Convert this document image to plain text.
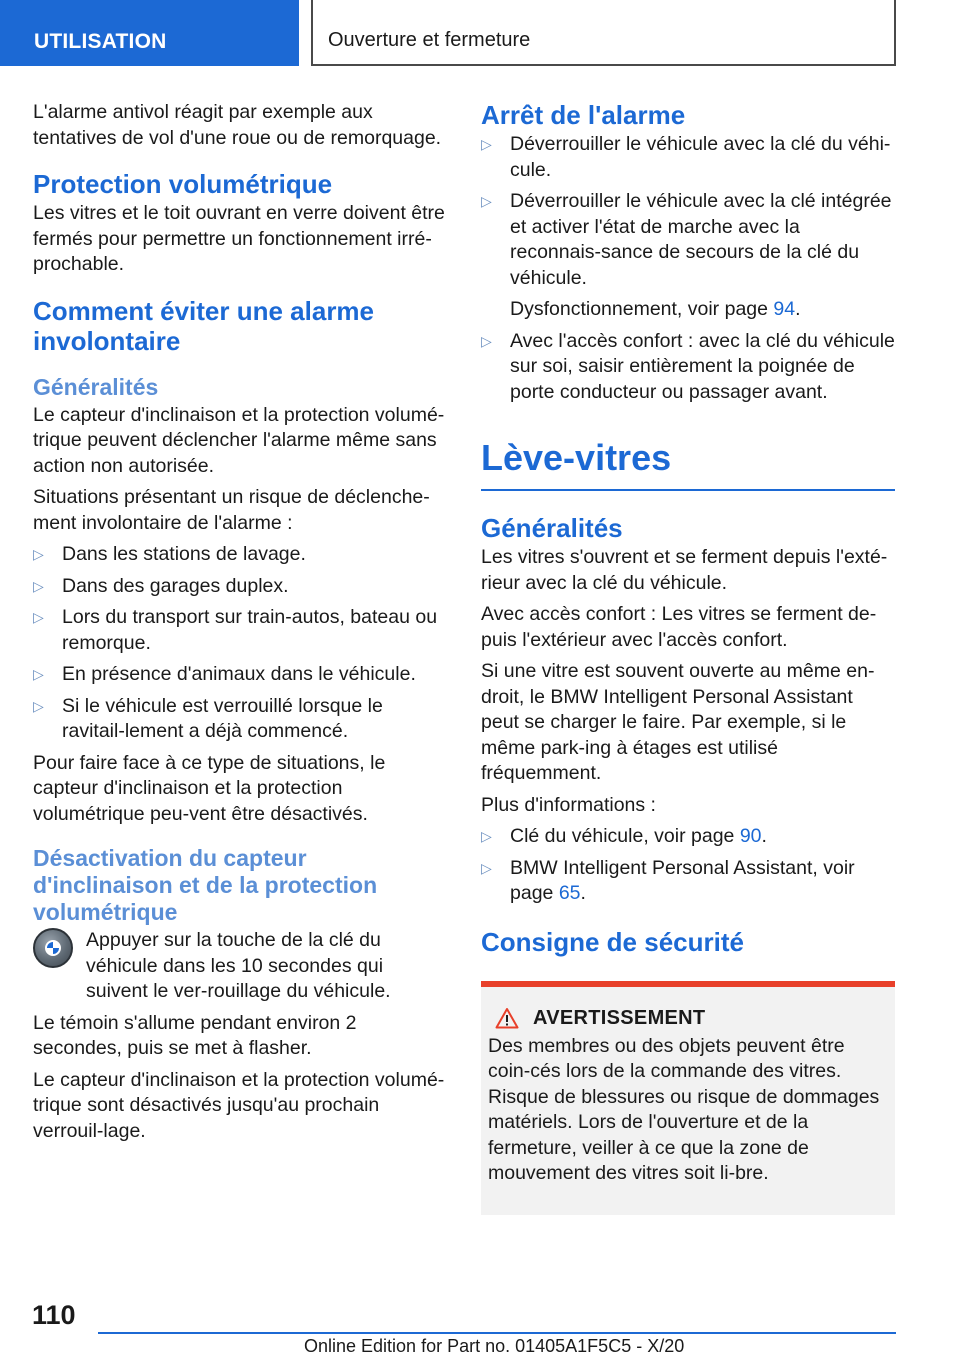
UTILISATION	Ouverture et fermeture

L'alarme antivol réagit par exemple aux tentatives de vol d'une roue ou de remorquage.

Protection volumétrique

Les vitres et le toit ouvrant en verre doivent être fermés pour permettre un fonctionnement irré-prochable.

Comment éviter une alarme involontaire
Généralités

Le capteur d'inclinaison et la protection volumé-trique peuvent déclencher l'alarme même sans action non autorisée.

Situations présentant un risque de déclenche-ment involontaire de l'alarme :

▷ Dans les stations de lavage.
▷ Dans des garages duplex.
▷ Lors du transport sur train-autos, bateau ou remorque.
▷ En présence d'animaux dans le véhicule.
▷ Si le véhicule est verrouillé lorsque le ravitail-lement a déjà commencé.

Pour faire face à ce type de situations, le capteur d'inclinaison et la protection volumétrique peu-vent être désactivés.

Désactivation du capteur d'inclinaison et de la protection volumétrique

Appuyer sur la touche de la clé du véhicule dans les 10 secondes qui suivent le ver-rouillage du véhicule.

Le témoin s'allume pendant environ 2 secondes, puis se met à flasher.

Le capteur d'inclinaison et la protection volumé-trique sont désactivés jusqu'au prochain verrouil-lage.

Arrêt de l'alarme
▷ Déverrouiller le véhicule avec la clé du véhi-cule.
▷ Déverrouiller le véhicule avec la clé intégrée et activer l'état de marche avec la reconnais-sance de secours de la clé du véhicule.
Dysfonctionnement, voir page 94.
▷ Avec l'accès confort : avec la clé du véhicule sur soi, saisir entièrement la poignée de porte conducteur ou passager avant.
Lève-vitres
Généralités

Les vitres s'ouvrent et se ferment depuis l'exté-rieur avec la clé du véhicule.

Avec accès confort : Les vitres se ferment de-puis l'extérieur avec l'accès confort.

Si une vitre est souvent ouverte au même en-droit, le BMW Intelligent Personal Assistant peut se charger le faire. Par exemple, si le même park-ing à étages est utilisé fréquemment.

Plus d'informations :

▷ Clé du véhicule, voir page 90.
▷ BMW Intelligent Personal Assistant, voir page 65.
Consigne de sécurité
AVERTISSEMENT

Des membres ou des objets peuvent être coin-cés lors de la commande des vitres. Risque de blessures ou risque de dommages matériels. Lors de l'ouverture et de la fermeture, veiller à ce que la zone de mouvement des vitres soit li-bre.

110
Online Edition for Part no. 01405A1F5C5 - X/20
